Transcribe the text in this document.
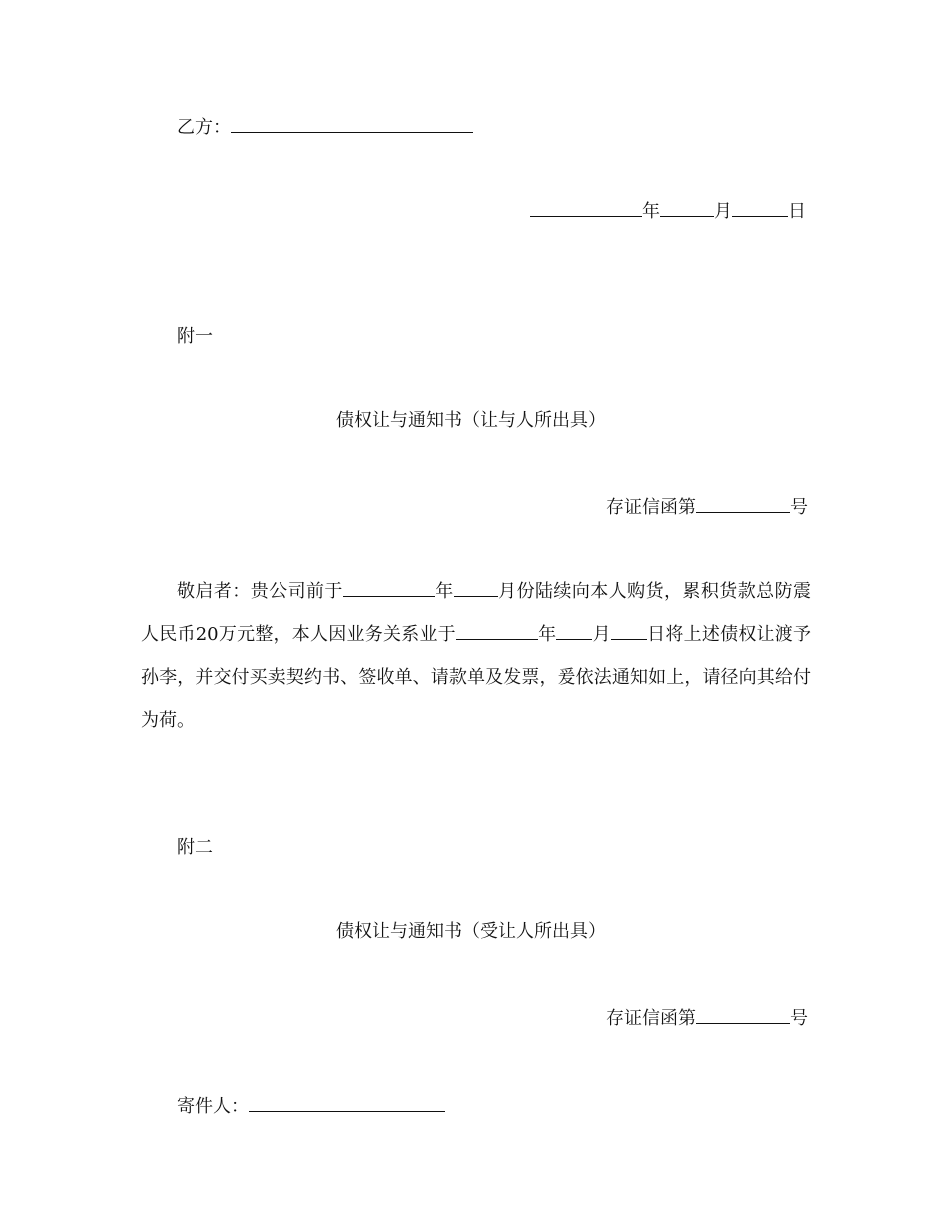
乙方：
年	月	日
附一
债权让与通知书（让与人所出具）
存证信函第	号
敬启者：贵公司前于	年 月份陆续向本人购货，累积货款总防震人民币20万元整，本人因业务关系业于	年 月 日将上述债权让渡予孙李，并交付买卖契约书、签收单、请款单及发票，爰依法通知如上，请径向其给付为荷。
附二
债权让与通知书（受让人所出具）
存证信函第	号
寄件人：
